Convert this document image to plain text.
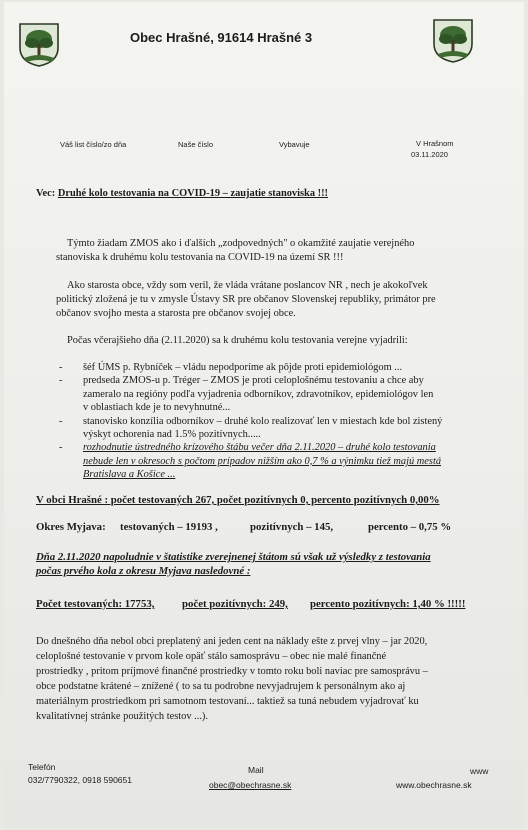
Obec Hrašné, 91614 Hrašné 3
Váš list číslo/zo dňa	Naše číslo	Vybavuje	V Hrašnom
03.11.2020
Vec: Druhé kolo testovania na COVID-19 – zaujatie stanoviska !!!
Týmto žiadam ZMOS ako i ďalších „zodpovedných" o okamžité zaujatie verejného
stanoviska k druhému kolu testovania na COVID-19 na území SR !!!
Ako starosta obce, vždy som veril, že vláda vrátane poslancov NR , nech je akokoľvek
politický zložená je tu v zmysle Ústavy SR pre občanov Slovenskej republiky, primátor pre
občanov svojho mesta a starosta pre občanov svojej obce.
Počas včerajšieho dňa (2.11.2020) sa k druhému kolu testovania verejne vyjadrili:
- šéf ÚMS p. Rybníček – vládu nepodporíme ak pôjde proti epidemiológom ...
- predseda ZMOS-u p. Tréger – ZMOS je proti celoplošnému testovaniu a chce aby
zameralo na regióny podľa vyjadrenia odborníkov, zdravotníkov, epidemiológov len
v oblastiach kde je to nevyhnutné...
- stanovisko konzília odborníkov – druhé kolo realizovať len v miestach kde bol zistený
výskyt ochorenia nad 1.5% pozitívnych.....
- rozhodnutie ústredného krízového štábu večer dňa 2.11.2020 – druhé kolo testovania
nebude len v okresoch s počtom prípadov nižším ako 0,7 % a výnimku tiež majú mestá
Bratislava a Košice ...
V obci Hrašné : počet testovaných 267, počet pozitívnych 0, percento pozitívnych 0,00%
Okres Myjava: testovaných – 19193 ,	pozitívnych – 145,	percento – 0,75 %
Dňa 2.11.2020 napoludnie v štatistike zverejnenej štátom sú však už výsledky z testovania
počas prvého kola z okresu Myjava nasledovné :
Počet testovaných: 17753,	počet pozitívnych: 249, percento pozitívnych: 1,40 % !!!!!
Do dnešného dňa nebol obci preplatený ani jeden cent na náklady ešte z prvej vlny – jar 2020,
celoplošné testovanie v prvom kole opäť stálo samosprávu – obec nie malé finančné
prostriedky , pritom príjmové finančné prostriedky v tomto roku boli naviac pre samosprávu –
obce podstatne krátené – znížené ( to sa tu podrobne nevyjadrujem k personálnym ako aj
materiálnym prostriedkom pri samotnom testovaní... taktiež sa tuná nebudem vyjadrovať ku
kvalitatívnej stránke použitých testov ...).
Telefón
032/7790322, 0918 590651
Mail
obec@obechrasne.sk
www
www.obechrasne.sk
